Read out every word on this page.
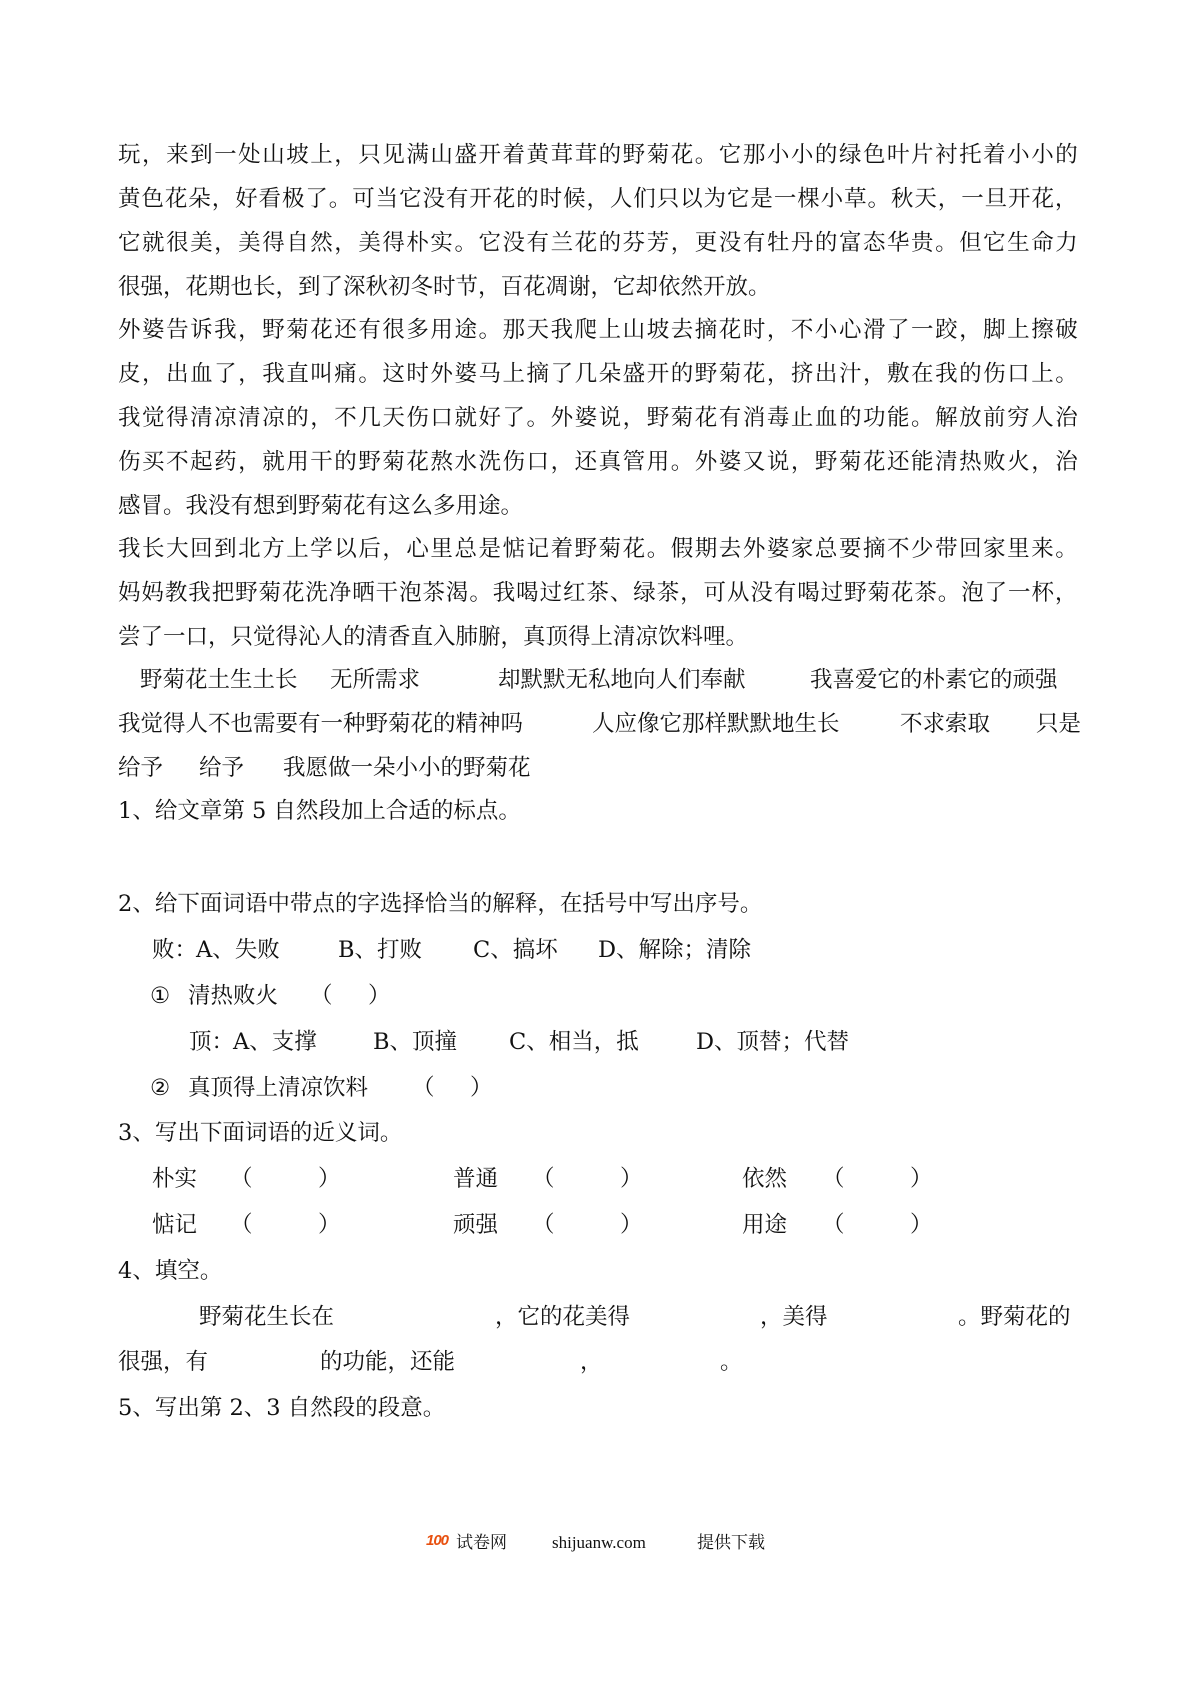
玩 ， 来 到 一 处 山 坡 上 ， 只 见 满 山 盛 开 着 黄 茸 茸 的 野 菊 花 。 它 那 小 小 的 绿 色 叶 片 衬 托 着 小 小 的
黄 色 花 朵 ， 好 看 极 了 。 可 当 它 没 有 开 花 的 时 候 ， 人 们 只 以 为 它 是 一 棵 小 草 。 秋 天 ， 一 旦 开 花 ，
它 就 很 美 ， 美 得 自 然 ， 美 得 朴 实 。 它 没 有 兰 花 的 芬 芳 ， 更 没 有 牡 丹 的 富 态 华 贵 。 但 它 生 命 力
很强，花期也长，到了深秋初冬时节，百花凋谢，它却依然开放。
外 婆 告 诉 我 ， 野 菊 花 还 有 很 多 用 途 。 那 天 我 爬 上 山 坡 去 摘 花 时 ， 不 小 心 滑 了 一 跤 ， 脚 上 擦 破
皮 ， 出 血 了 ， 我 直 叫 痛 。 这 时 外 婆 马 上 摘 了 几 朵 盛 开 的 野 菊 花 ， 挤 出 汁 ， 敷 在 我 的 伤 口 上 。
我 觉 得 清 凉 清 凉 的 ， 不 几 天 伤 口 就 好 了 。 外 婆 说 ， 野 菊 花 有 消 毒 止 血 的 功 能 。 解 放 前 穷 人 治
伤 买 不 起 药 ， 就 用 干 的 野 菊 花 熬 水 洗 伤 口 ， 还 真 管 用 。 外 婆 又 说 ， 野 菊 花 还 能 清 热 败 火 ， 治
感冒。我没有想到野菊花有这么多用途。
我 长 大 回 到 北 方 上 学 以 后 ， 心 里 总 是 惦 记 着 野 菊 花 。 假 期 去 外 婆 家 总 要 摘 不 少 带 回 家 里 来 。
妈 妈 教 我 把 野 菊 花 洗 净 晒 干 泡 茶 渴 。 我 喝 过 红 茶 、 绿 茶 ， 可 从 没 有 喝 过 野 菊 花 茶 。 泡 了 一 杯 ，
尝了一口，只觉得沁人的清香直入肺腑，真顶得上清凉饮料哩。
野菊花土生土长 无所需求	却默默无私地向人们奉献	我喜爱它的朴素它的顽强
我觉得人不也需要有一种野菊花的精神吗	人应像它那样默默地生长	不求索取 只是
给予 给予 我愿做一朵小小的野菊花
1、给文章第 5 自然段加上合适的标点。
2、给下面词语中带点的字选择恰当的解释，在括号中写出序号。
败：
A、失败	B、打败 C、搞坏 D、解除；清除
① 清热败火 （ ）
顶：
A、支撑	B、顶撞 C、相当，抵	D、顶替；代替
② 真顶得上清凉饮料 （ ）
3、写出下面词语的近义词。
朴实 （	）	普通 （	）	依然 （	）
惦记 （	）	顽强 （	）	用途 （	）
4、填空。
野菊花生长在	，它的花美得	，美得	。野菊花的
很强，有	的功能，还能	，	。
5、写出第 2、3 自然段的段意。
100 试卷网	shijuanw.com	提供下载
